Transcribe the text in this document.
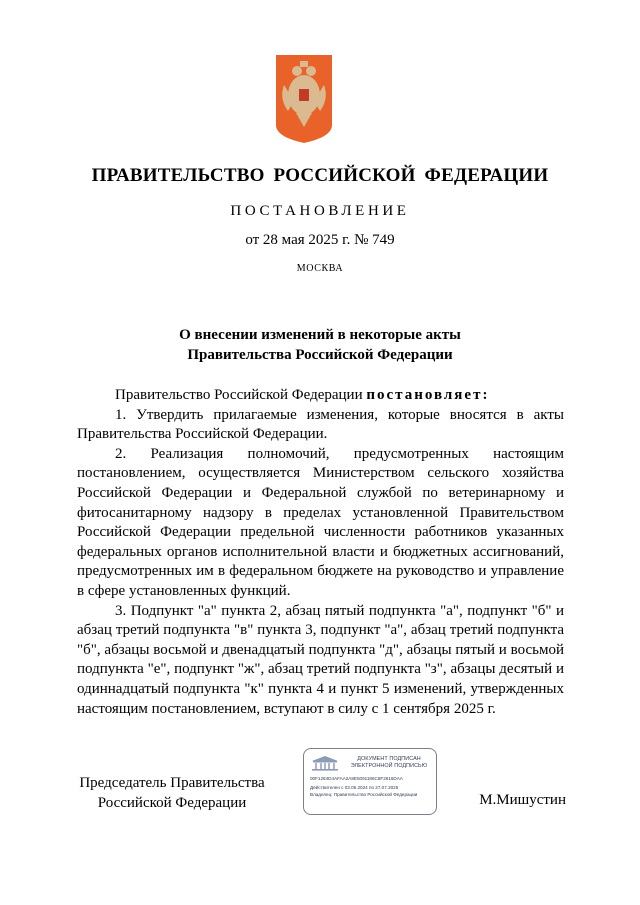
ПРАВИТЕЛЬСТВО РОССИЙСКОЙ ФЕДЕРАЦИИ
ПОСТАНОВЛЕНИЕ
от 28 мая 2025 г. № 749
МОСКВА
О внесении изменений в некоторые акты
Правительства Российской Федерации

Правительство Российской Федерации постановляет:

1. Утвердить прилагаемые изменения, которые вносятся в акты Правительства Российской Федерации.

2. Реализация полномочий, предусмотренных настоящим постановлением, осуществляется Министерством сельского хозяйства Российской Федерации и Федеральной службой по ветеринарному и фитосанитарному надзору в пределах установленной Правительством Российской Федерации предельной численности работников указанных федеральных органов исполнительной власти и бюджетных ассигнований, предусмотренных им в федеральном бюджете на руководство и управление в сфере установленных функций.

3. Подпункт "а" пункта 2, абзац пятый подпункта "а", подпункт "б" и абзац третий подпункта "в" пункта 3, подпункт "а", абзац третий подпункта "б", абзацы восьмой и двенадцатый подпункта "д", абзацы пятый и восьмой подпункта "е", подпункт "ж", абзац третий подпункта "з", абзацы десятый и одиннадцатый подпункта "к" пункта 4 и пункт 5 изменений, утвержденных настоящим постановлением, вступают в силу с 1 сентября 2025 г.

Председатель Правительства
Российской Федерации
ДОКУМЕНТ ПОДПИСАН
ЭЛЕКТРОННОЙ ПОДПИСЬЮ
00F1284D4AFAA2A8E5091186C8F2616DAA
Действителен с 03.05.2024 по 27.07.2025
Владелец: Правительство Российской Федерации	М.Мишустин
